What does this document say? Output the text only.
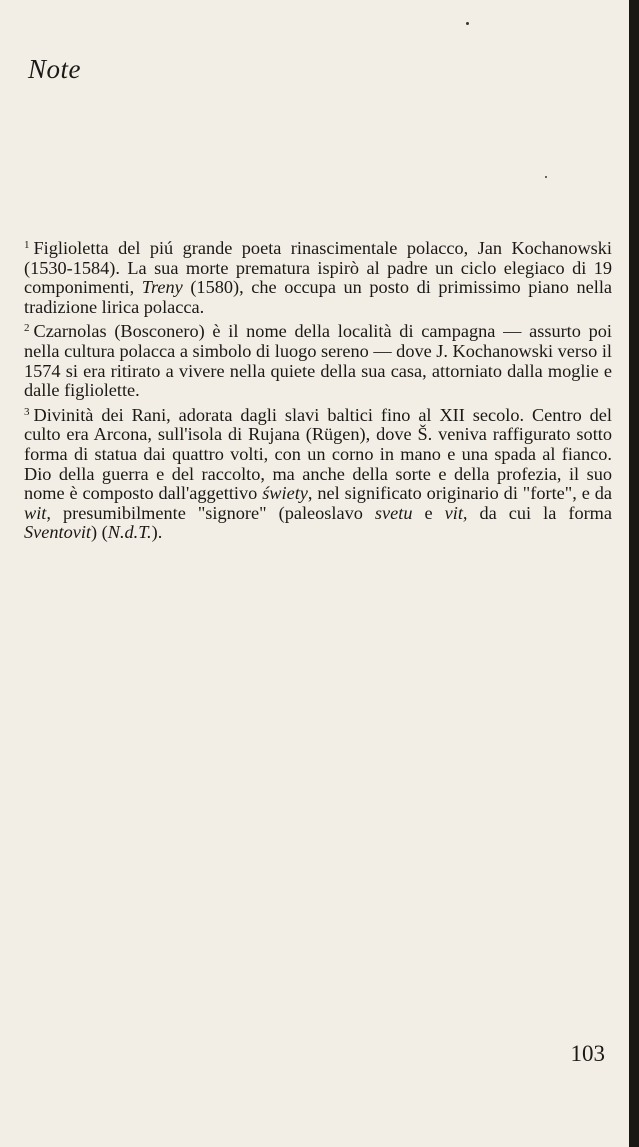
Note

$^1$ Figlioletta del piú grande poeta rinascimentale polacco, Jan Kochanowski (1530-1584). La sua morte prematura ispirò al padre un ciclo elegiaco di 19 componimenti, Treny (1580), che occupa un posto di primissimo piano nella tradizione lirica polacca.

$^2$ Czarnolas (Bosconero) è il nome della località di campagna — assurto poi nella cultura polacca a simbolo di luogo sereno — dove J. Kochanowski verso il 1574 si era ritirato a vivere nella quiete della sua casa, attorniato dalla moglie e dalle figliolette.

$^3$ Divinità dei Rani, adorata dagli slavi baltici fino al XII secolo. Centro del culto era Arcona, sull'isola di Rujana (Rügen), dove Š. veniva raffigurato sotto forma di statua dai quattro volti, con un corno in mano e una spada al fianco. Dio della guerra e del raccolto, ma anche della sorte e della profezia, il suo nome è composto dall'aggettivo świety, nel significato originario di "forte", e da wit, presumibilmente "signore" (paleoslavo svetu e vit, da cui la forma Sventovit) (N.d.T.).

103
